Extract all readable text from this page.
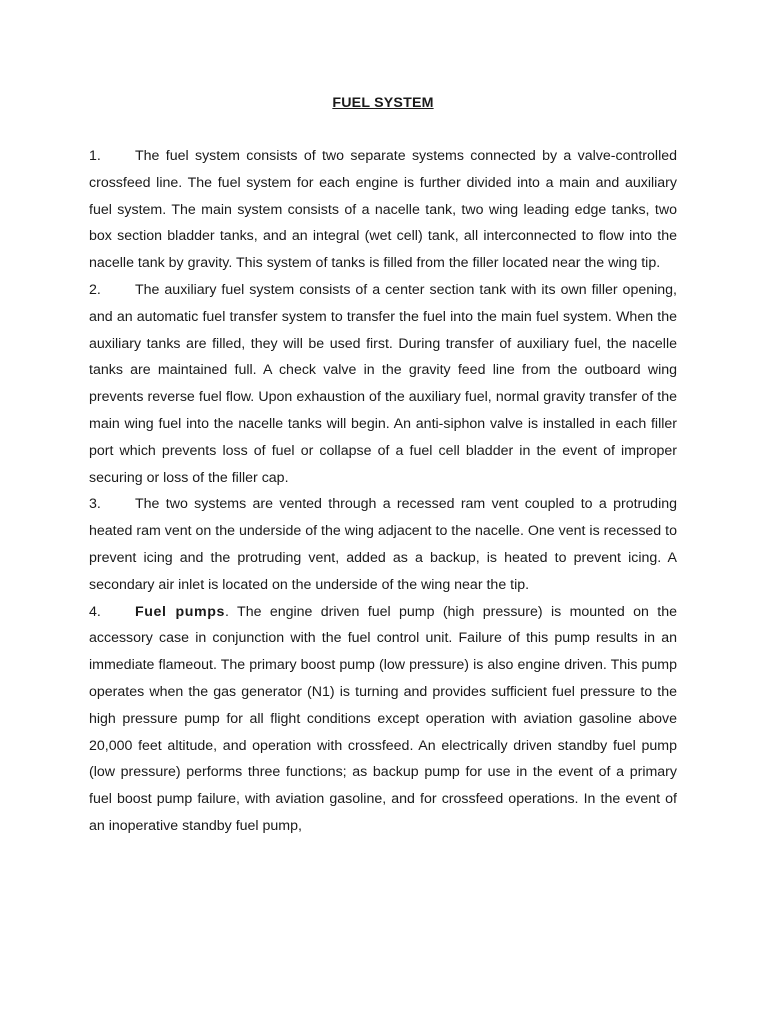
FUEL SYSTEM

1. The fuel system consists of two separate systems connected by a valve-controlled crossfeed line. The fuel system for each engine is further divided into a main and auxiliary fuel system. The main system consists of a nacelle tank, two wing leading edge tanks, two box section bladder tanks, and an integral (wet cell) tank, all interconnected to flow into the nacelle tank by gravity. This system of tanks is filled from the filler located near the wing tip.

2. The auxiliary fuel system consists of a center section tank with its own filler opening, and an automatic fuel transfer system to transfer the fuel into the main fuel system. When the auxiliary tanks are filled, they will be used first. During transfer of auxiliary fuel, the nacelle tanks are maintained full. A check valve in the gravity feed line from the outboard wing prevents reverse fuel flow. Upon exhaustion of the auxiliary fuel, normal gravity transfer of the main wing fuel into the nacelle tanks will begin. An anti-siphon valve is installed in each filler port which prevents loss of fuel or collapse of a fuel cell bladder in the event of improper securing or loss of the filler cap.

3. The two systems are vented through a recessed ram vent coupled to a protruding heated ram vent on the underside of the wing adjacent to the nacelle. One vent is recessed to prevent icing and the protruding vent, added as a backup, is heated to prevent icing. A secondary air inlet is located on the underside of the wing near the tip.

4. Fuel pumps. The engine driven fuel pump (high pressure) is mounted on the accessory case in conjunction with the fuel control unit. Failure of this pump results in an immediate flameout. The primary boost pump (low pressure) is also engine driven. This pump operates when the gas generator (N1) is turning and provides sufficient fuel pressure to the high pressure pump for all flight conditions except operation with aviation gasoline above 20,000 feet altitude, and operation with crossfeed. An electrically driven standby fuel pump (low pressure) performs three functions; as backup pump for use in the event of a primary fuel boost pump failure, with aviation gasoline, and for crossfeed operations. In the event of an inoperative standby fuel pump,
